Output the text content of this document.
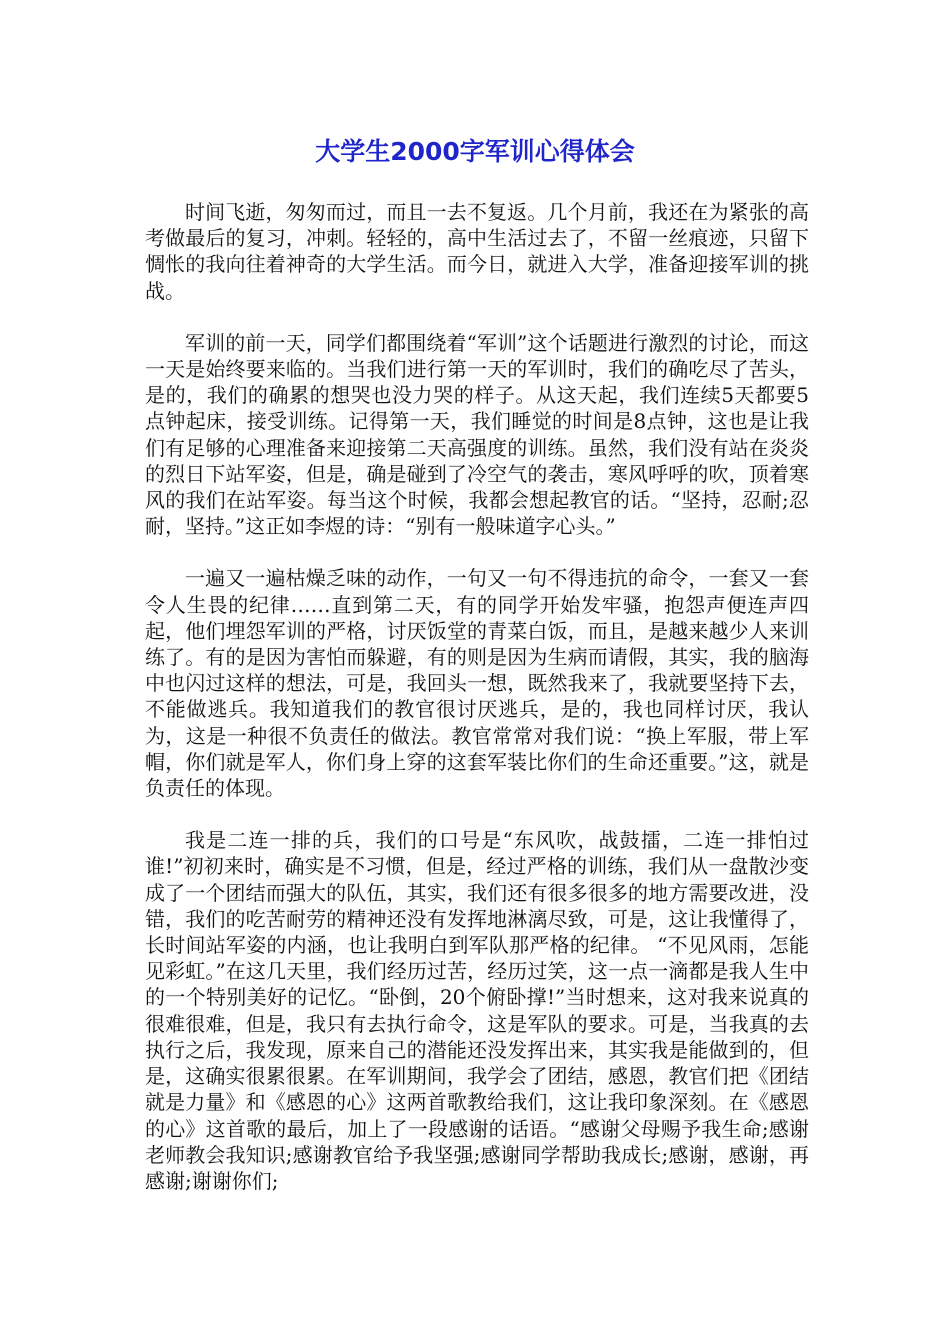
大学生2000字军训心得体会

时间飞逝，匆匆而过，而且一去不复返。几个月前，我还在为紧张的高考做最后的复习，冲刺。轻轻的，高中生活过去了，不留一丝痕迹，只留下惆怅的我向往着神奇的大学生活。而今日，就进入大学，准备迎接军训的挑战。

军训的前一天，同学们都围绕着“军训”这个话题进行激烈的讨论，而这一天是始终要来临的。当我们进行第一天的军训时，我们的确吃尽了苦头，是的，我们的确累的想哭也没力哭的样子。从这天起，我们连续5天都要5点钟起床，接受训练。记得第一天，我们睡觉的时间是8点钟，这也是让我们有足够的心理准备来迎接第二天高强度的训练。虽然，我们没有站在炎炎的烈日下站军姿，但是，确是碰到了冷空气的袭击，寒风呼呼的吹，顶着寒风的我们在站军姿。每当这个时候，我都会想起教官的话。“坚持，忍耐;忍耐，坚持。”这正如李煜的诗：“别有一般味道字心头。”

一遍又一遍枯燥乏味的动作，一句又一句不得违抗的命令，一套又一套令人生畏的纪律……直到第二天，有的同学开始发牢骚，抱怨声便连声四起，他们埋怨军训的严格，讨厌饭堂的青菜白饭，而且，是越来越少人来训练了。有的是因为害怕而躲避，有的则是因为生病而请假，其实，我的脑海中也闪过这样的想法，可是，我回头一想，既然我来了，我就要坚持下去，不能做逃兵。我知道我们的教官很讨厌逃兵，是的，我也同样讨厌，我认为，这是一种很不负责任的做法。教官常常对我们说：“换上军服，带上军帽，你们就是军人，你们身上穿的这套军装比你们的生命还重要。”这，就是负责任的体现。

我是二连一排的兵，我们的口号是“东风吹，战鼓擂，二连一排怕过谁!”初初来时，确实是不习惯，但是，经过严格的训练，我们从一盘散沙变成了一个团结而强大的队伍，其实，我们还有很多很多的地方需要改进，没错，我们的吃苦耐劳的精神还没有发挥地淋漓尽致，可是，这让我懂得了，长时间站军姿的内涵，也让我明白到军队那严格的纪律。 “不见风雨，怎能见彩虹。”在这几天里，我们经历过苦，经历过笑，这一点一滴都是我人生中的一个特别美好的记忆。“卧倒，20个俯卧撑!”当时想来，这对我来说真的很难很难，但是，我只有去执行命令，这是军队的要求。可是，当我真的去执行之后，我发现，原来自己的潜能还没发挥出来，其实我是能做到的，但是，这确实很累很累。在军训期间，我学会了团结，感恩，教官们把《团结就是力量》和《感恩的心》这两首歌教给我们，这让我印象深刻。在《感恩的心》这首歌的最后，加上了一段感谢的话语。“感谢父母赐予我生命;感谢老师教会我知识;感谢教官给予我坚强;感谢同学帮助我成长;感谢，感谢，再感谢;谢谢你们;
